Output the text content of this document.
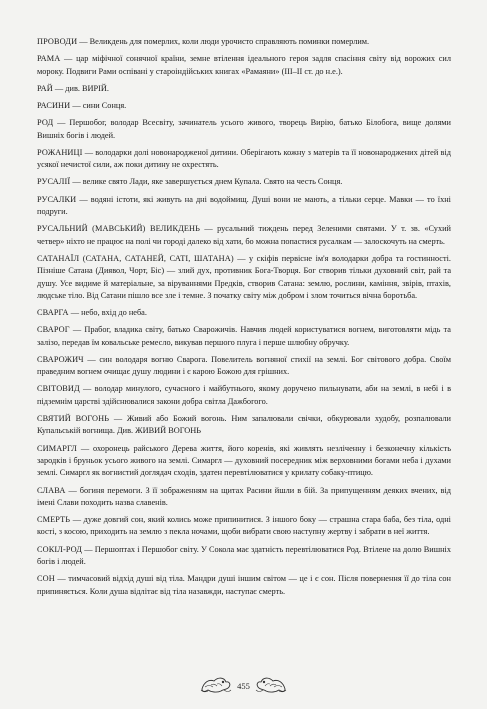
ПРОВОДИ — Великдень для померлих, коли люди урочисто справляють поминки померлим.

РАМА — цар міфічної сонячної країни, земне втілення ідеального героя задля спасіння світу від ворожих сил мороку. Подвиги Рами оспівані у староіндійських книгах «Рамаяни» (ІІІ–ІІ ст. до н.е.).

РАЙ — див. ВИРІЙ.

РАСИНИ — сини Сонця.

РОД — Першобог, володар Всесвіту, зачинатель усього живого, творець Вирію, батько Білобога, вище долями Вишніх богів і людей.

РОЖАНИЦІ — володарки долі новонародженої дитини. Оберігають кожну з матерів та її новонароджених дітей від усякої нечистої сили, аж поки дитину не охрестять.

РУСАЛІЇ — велике свято Лади, яке завершується днем Купала. Свято на честь Сонця.

РУСАЛКИ — водяні істоти, які живуть на дні водоймищ. Душі вони не мають, а тільки серце. Мавки — то їхні подруги.

РУСАЛЬНИЙ (МАВСЬКИЙ) ВЕЛИКДЕНЬ — русальний тиждень перед Зеленими святами. У т. зв. «Сухий четвер» ніхто не працює на полі чи городі далеко від хати, бо можна попастися русалкам — залоскочуть на смерть.

САТАНАЇЛ (САТАНА, САТАНЕЙ, САТІ, ШАТАНА) — у скіфів первісне ім'я володарки добра та гостинності. Пізніше Сатана (Диявол, Чорт, Біс) — злий дух, противник Бога-Творця. Бог створив тільки духовний світ, рай та душу. Усе видиме й матеріальне, за віруваннями Предків, створив Сатана: землю, рослини, каміння, звірів, птахів, людське тіло. Від Сатани пішло все зле і темне. З початку світу між добром і злом точиться вічна боротьба.

СВАРГА — небо, вхід до неба.

СВАРОГ — Прабог, владика світу, батько Сварожичів. Навчив людей користуватися вогнем, виготовляти мідь та залізо, передав їм ковальське ремесло, викував першого плуга і перше шлюбну обручку.

СВАРОЖИЧ — син володаря вогню Сварога. Повелитель вогняної стихії на землі. Бог світового добра. Своїм праведним вогнем очищає душу людини і є карою Божою для грішних.

СВІТОВИД — володар минулого, сучасного і майбутнього, якому доручено пильнувати, аби на землі, в небі і в підземнім царстві здійснювалися закони добра світла Дажбогого.

СВЯТИЙ ВОГОНЬ — Живий або Божий вогонь. Ним запалювали свічки, обкурювали худобу, розпалювали Купальській вогнища. Див. ЖИВИЙ ВОГОНЬ

СИМАРГЛ — охоронець райського Дерева життя, його коренів, які живлять незліченну і безконечну кількість зародків і бруньок усього живого на землі. Симаргл — духовний посередник між верховними богами неба і духами землі. Симаргл як вогнистий доглядач сходів, здатен перевтілюватися у крилату собаку-птицю.

СЛАВА — богиня перемоги. З її зображенням на щитах Расини йшли в бій. За припущенням деяких вчених, від імені Слави походить назва славенів.

СМЕРТЬ — дуже довгий сон, який колись може припинитися. З іншого боку — страшна стара баба, без тіла, одні кості, з косою, приходить на землю з пекла ночами, щоби вибрати свою наступну жертву і забрати в неї життя.

СОКІЛ-РОД — Першоптах і Першобог світу. У Сокола має здатність перевтілюватися Род. Втілене на долю Вишніх богів і людей.

СОН — тимчасовий відхід душі від тіла. Мандри душі іншим світом — це і є сон. Після повернення її до тіла сон припиняється. Коли душа відлітає від тіла назавжди, наступає смерть.

455
